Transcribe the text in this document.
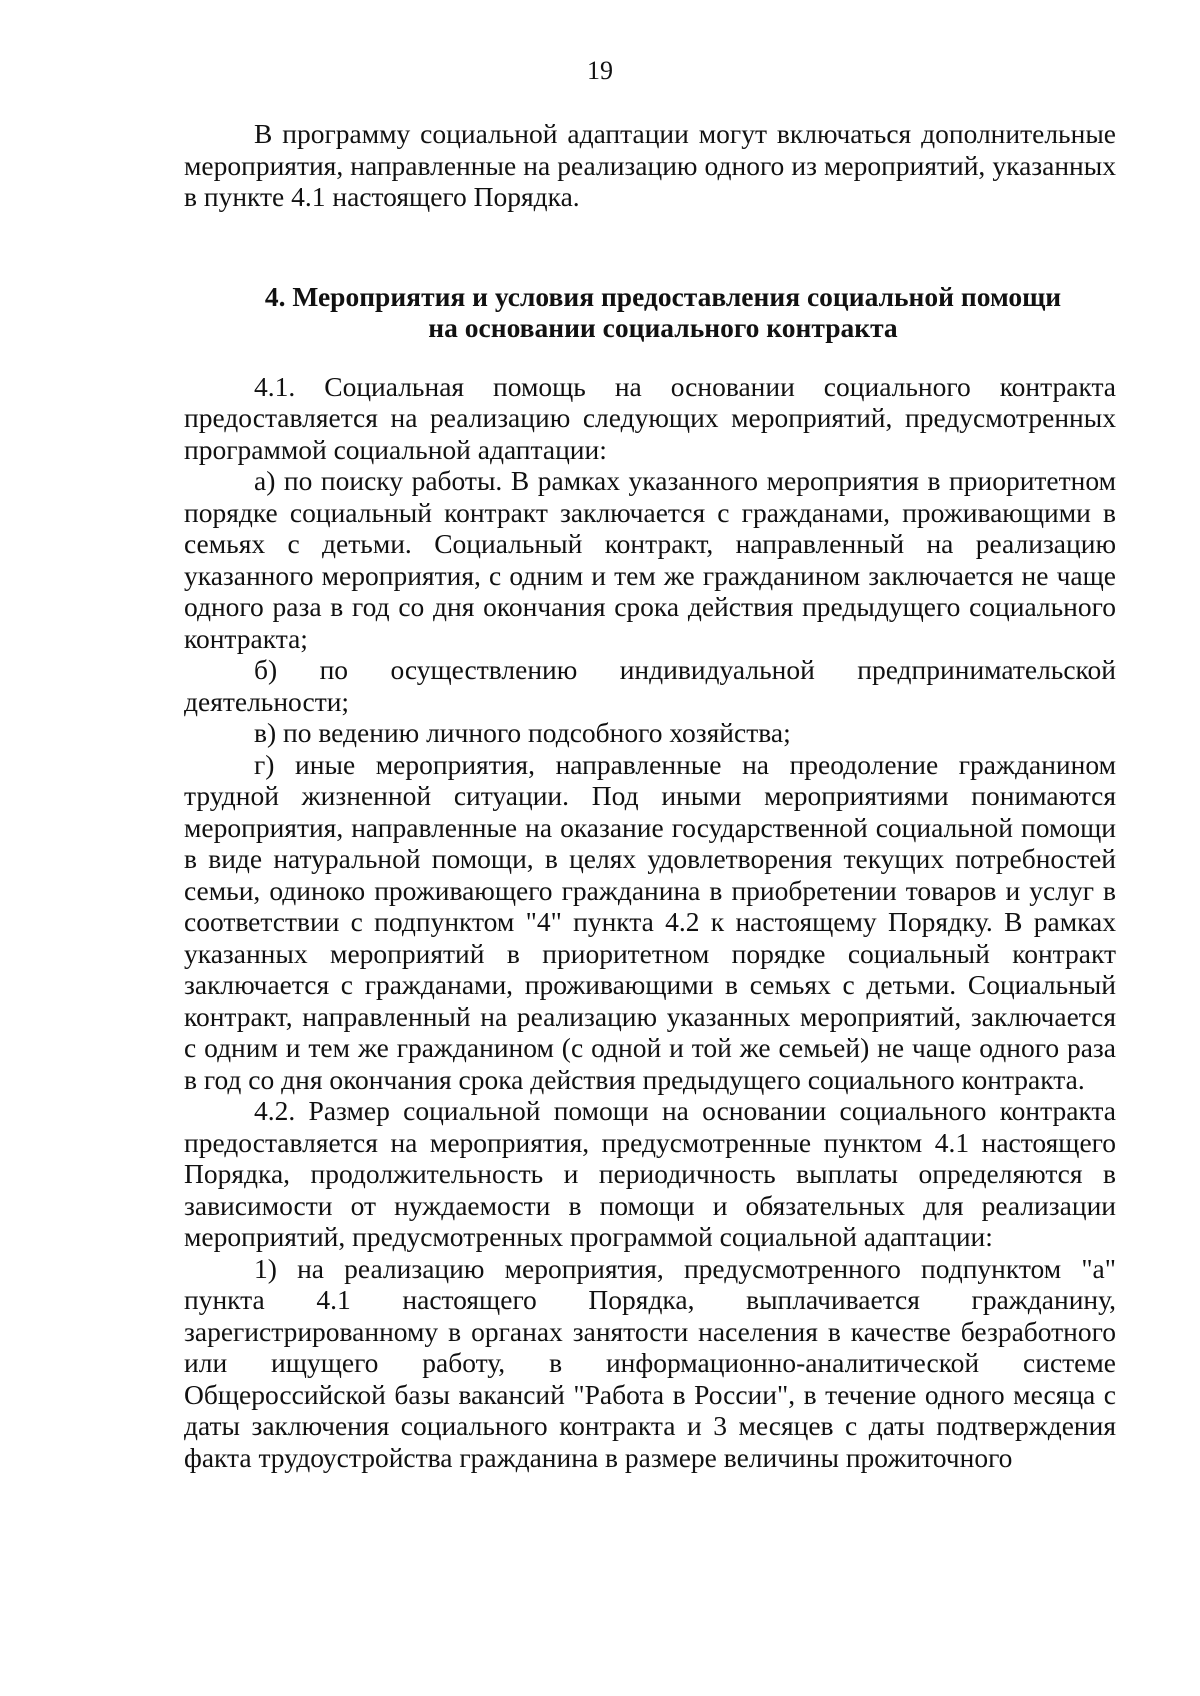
19

В программу социальной адаптации могут включаться дополнительные мероприятия, направленные на реализацию одного из мероприятий, указанных в пункте 4.1 настоящего Порядка.

4. Мероприятия и условия предоставления социальной помощи
на основании социального контракта

4.1. Социальная помощь на основании социального контракта предоставляется на реализацию следующих мероприятий, предусмотренных программой социальной адаптации:

а) по поиску работы. В рамках указанного мероприятия в приоритетном порядке социальный контракт заключается с гражданами, проживающими в семьях с детьми. Социальный контракт, направленный на реализацию указанного мероприятия, с одним и тем же гражданином заключается не чаще одного раза в год со дня окончания срока действия предыдущего социального контракта;

б) по осуществлению индивидуальной предпринимательской деятельности;

в) по ведению личного подсобного хозяйства;

г) иные мероприятия, направленные на преодоление гражданином трудной жизненной ситуации. Под иными мероприятиями понимаются мероприятия, направленные на оказание государственной социальной помощи в виде натуральной помощи, в целях удовлетворения текущих потребностей семьи, одиноко проживающего гражданина в приобретении товаров и услуг в соответствии с подпунктом "4" пункта 4.2 к настоящему Порядку. В рамках указанных мероприятий в приоритетном порядке социальный контракт заключается с гражданами, проживающими в семьях с детьми. Социальный контракт, направленный на реализацию указанных мероприятий, заключается с одним и тем же гражданином (с одной и той же семьей) не чаще одного раза в год со дня окончания срока действия предыдущего социального контракта.

4.2. Размер социальной помощи на основании социального контракта предоставляется на мероприятия, предусмотренные пунктом 4.1 настоящего Порядка, продолжительность и периодичность выплаты определяются в зависимости от нуждаемости в помощи и обязательных для реализации мероприятий, предусмотренных программой социальной адаптации:

1) на реализацию мероприятия, предусмотренного подпунктом "а" пункта 4.1 настоящего Порядка, выплачивается гражданину, зарегистрированному в органах занятости населения в качестве безработного или ищущего работу, в информационно-аналитической системе Общероссийской базы вакансий "Работа в России", в течение одного месяца с даты заключения социального контракта и 3 месяцев с даты подтверждения факта трудоустройства гражданина в размере величины прожиточного
